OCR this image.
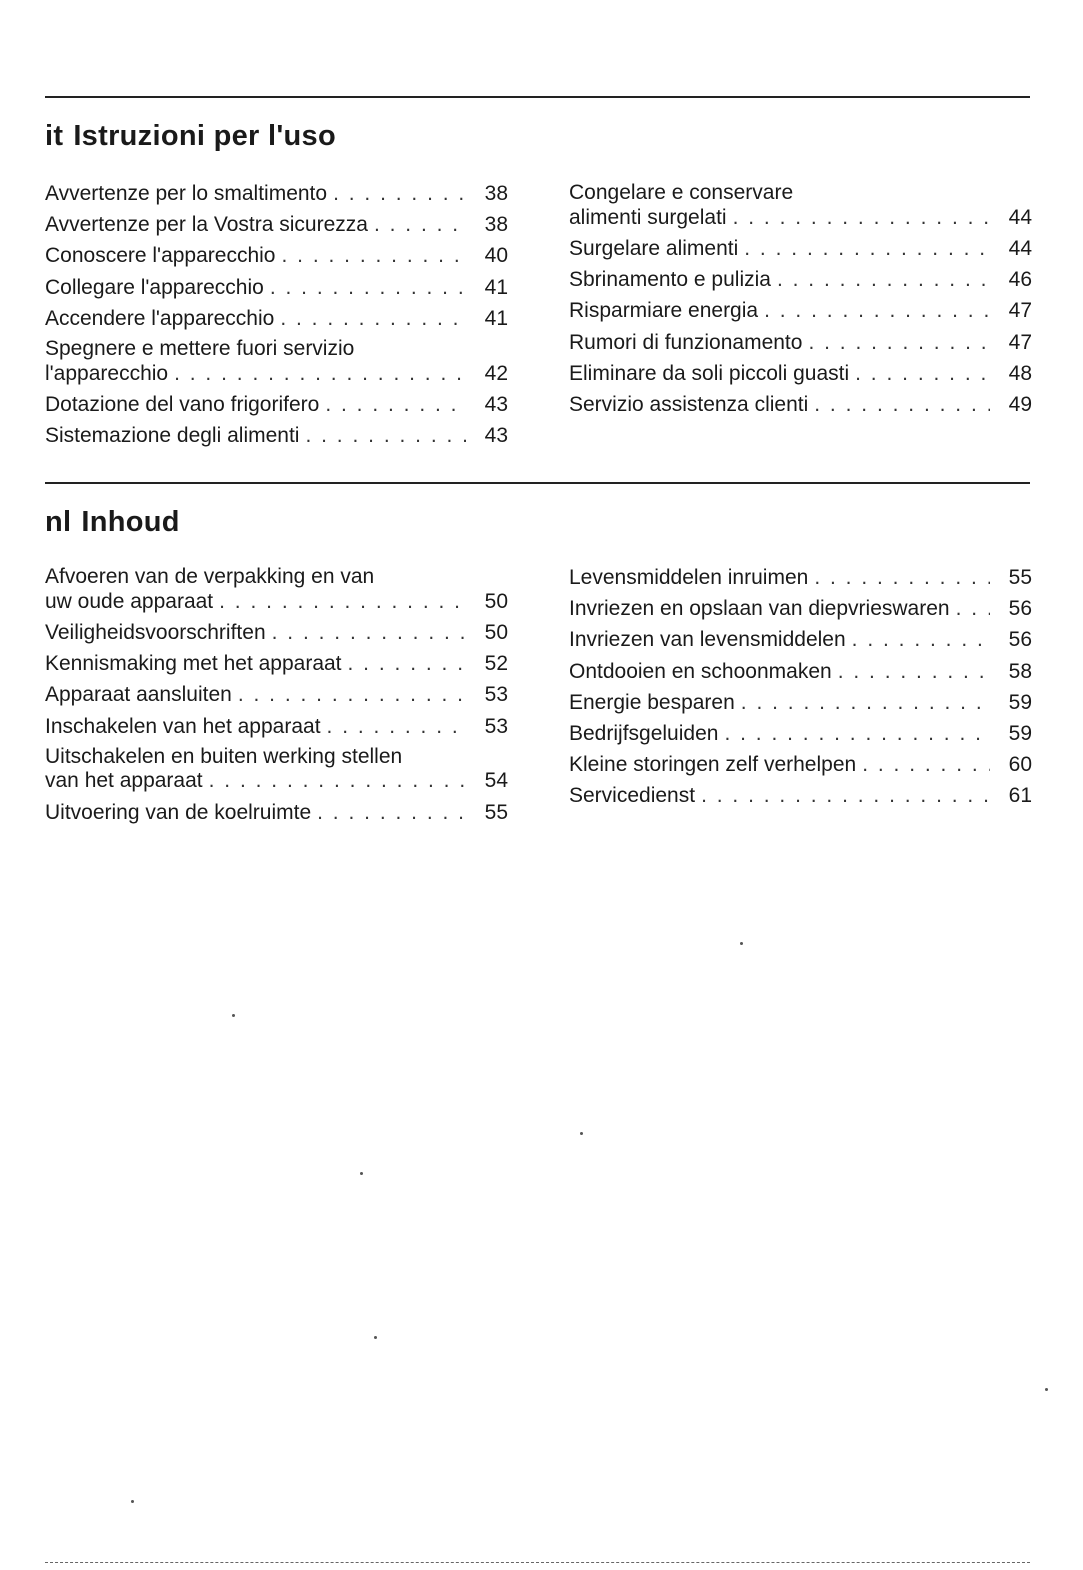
it Istruzioni per l'uso
Avvertenze per lo smaltimento . . .	38
Avvertenze per la Vostra sicurezza . . .	38
Conoscere l'apparecchio . . .	40
Collegare l'apparecchio . . .	41
Accendere l'apparecchio . . .	41
Spegnere e mettere fuori servizio
l'apparecchio . . .	42
Dotazione del vano frigorifero . . .	43
Sistemazione degli alimenti . . .	43
Congelare e conservare
alimenti surgelati . . .	44
Surgelare alimenti . . .	44
Sbrinamento e pulizia . . .	46
Risparmiare energia . . .	47
Rumori di funzionamento . . .	47
Eliminare da soli piccoli guasti . . .	48
Servizio assistenza clienti . . .	49
nl Inhoud
Afvoeren van de verpakking en van
uw oude apparaat . . .	50
Veiligheidsvoorschriften . . .	50
Kennismaking met het apparaat . . .	52
Apparaat aansluiten . . .	53
Inschakelen van het apparaat . . .	53
Uitschakelen en buiten werking stellen
van het apparaat . . .	54
Uitvoering van de koelruimte . . .	55
Levensmiddelen inruimen . . .	55
Invriezen en opslaan van diepvrieswaren . . .	56
Invriezen van levensmiddelen . . .	56
Ontdooien en schoonmaken . . .	58
Energie besparen . . .	59
Bedrijfsgeluiden . . .	59
Kleine storingen zelf verhelpen . . .	60
Servicedienst . . .	61
